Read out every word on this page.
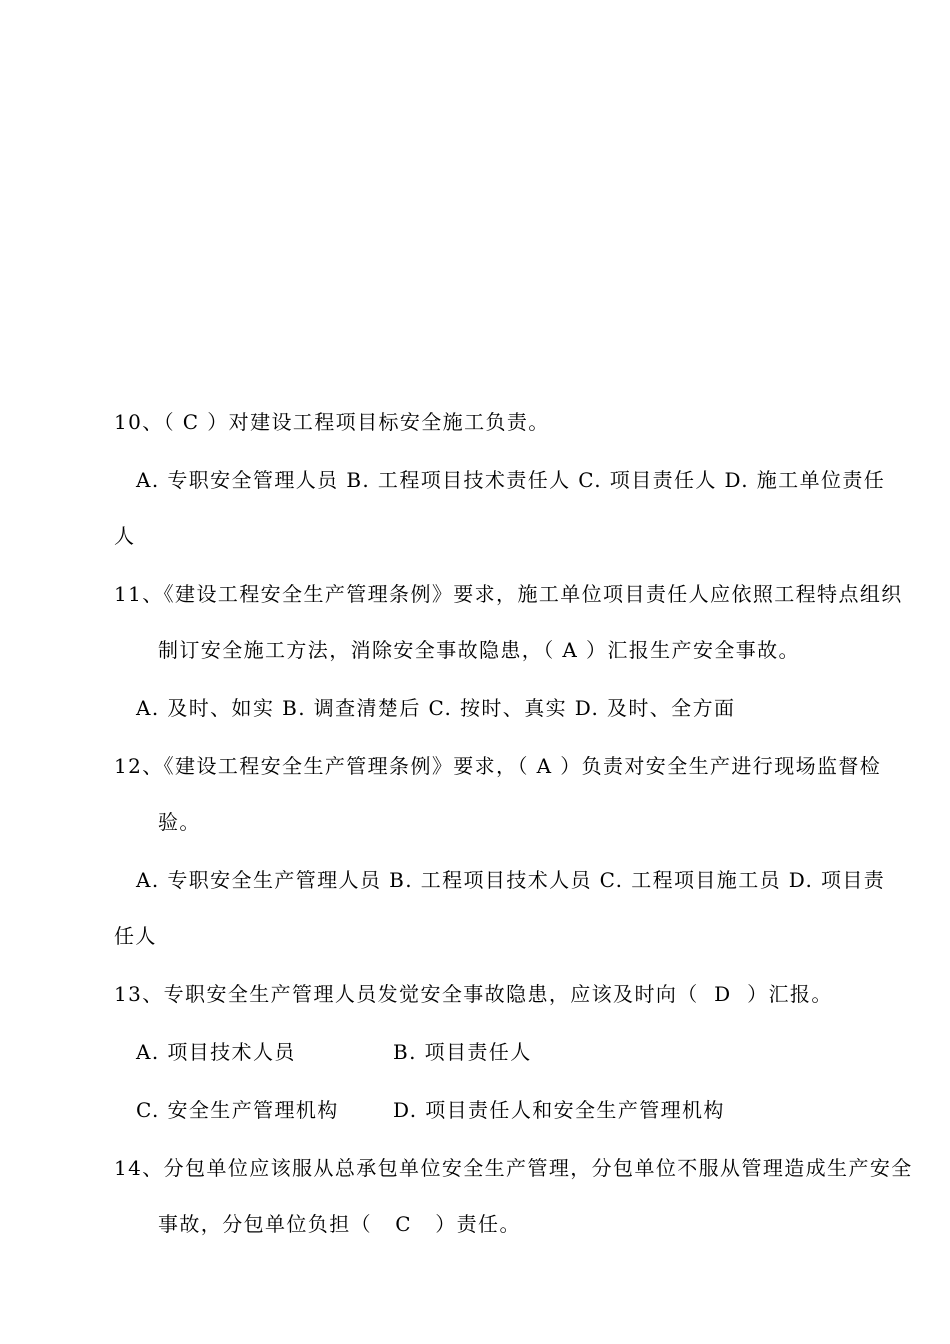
10、（ C ）对建设工程项目标安全施工负责。
A. 专职安全管理人员 B. 工程项目技术责任人 C. 项目责任人 D. 施工单位责任
人
11、《建设工程安全生产管理条例》要求，施工单位项目责任人应依照工程特点组织
制订安全施工方法，消除安全事故隐患，（ A ）汇报生产安全事故。
A. 及时、如实 B. 调查清楚后 C. 按时、真实 D. 及时、全方面
12、《建设工程安全生产管理条例》要求，（ A ）负责对安全生产进行现场监督检
验。
A. 专职安全生产管理人员 B. 工程项目技术人员 C. 工程项目施工员 D. 项目责
任人
13、专职安全生产管理人员发觉安全事故隐患，应该及时向（  D  ）汇报。
A. 项目技术人员	B. 项目责任人
C. 安全生产管理机构	D. 项目责任人和安全生产管理机构
14、分包单位应该服从总承包单位安全生产管理，分包单位不服从管理造成生产安全
事故，分包单位负担（   C   ）责任。
